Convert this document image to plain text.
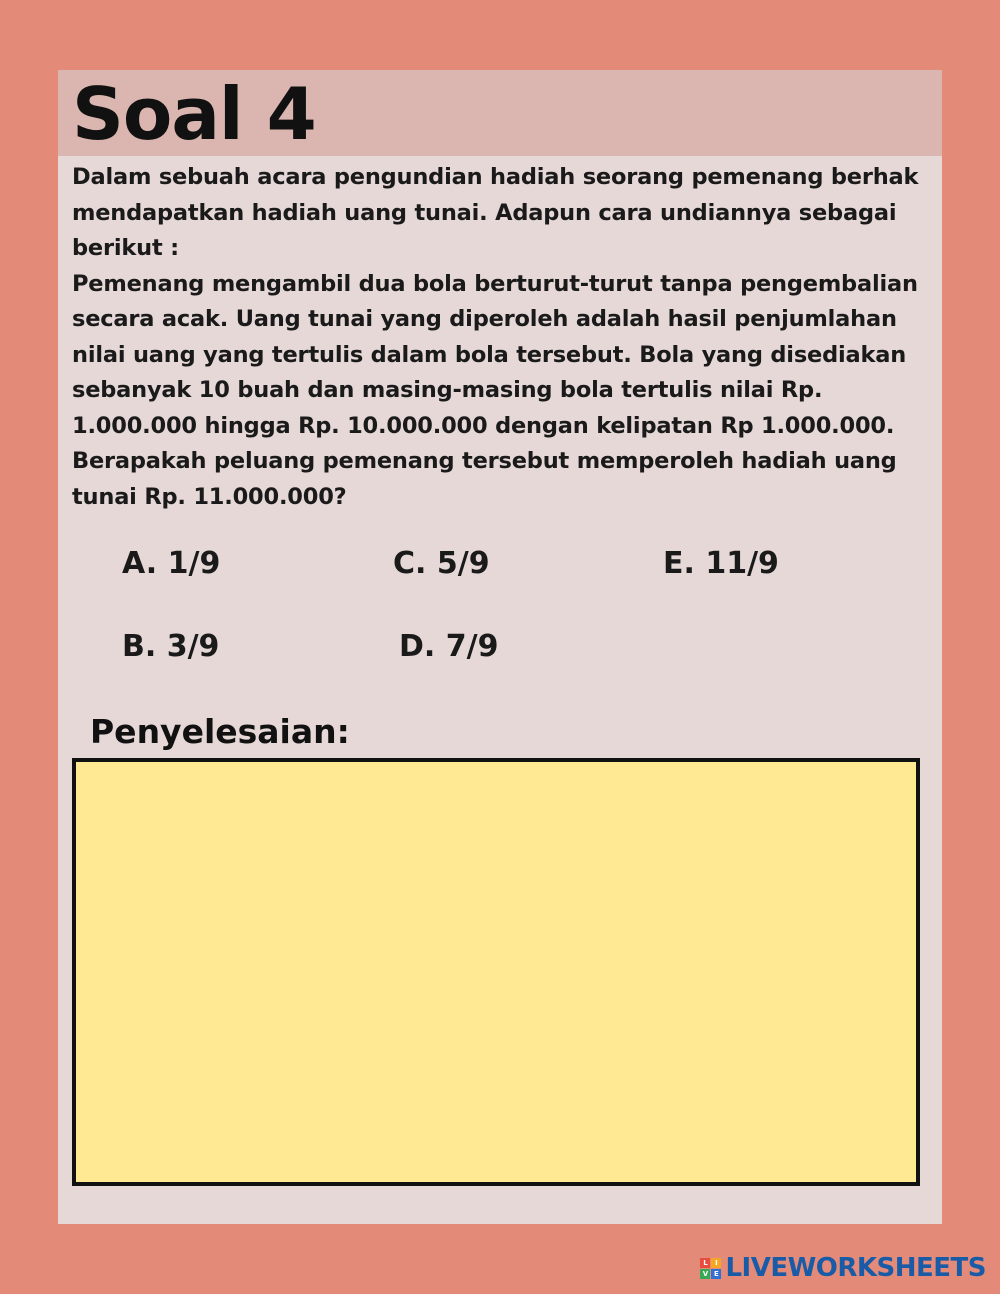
Soal 4

Dalam sebuah acara pengundian hadiah seorang pemenang berhak mendapatkan hadiah uang tunai. Adapun cara undiannya sebagai berikut :

Pemenang mengambil dua bola berturut-turut tanpa pengembalian secara acak. Uang tunai yang diperoleh adalah hasil penjumlahan nilai uang yang tertulis dalam bola tersebut. Bola yang disediakan sebanyak 10 buah dan masing-masing bola tertulis nilai Rp. 1.000.000 hingga Rp. 10.000.000 dengan kelipatan Rp 1.000.000. Berapakah peluang pemenang tersebut memperoleh hadiah uang tunai Rp. 11.000.000?

A. 1/9	C. 5/9	E. 11/9
B. 3/9	D. 7/9
Penyelesaian:
L	I
V E LIVEWORKSHEETS
